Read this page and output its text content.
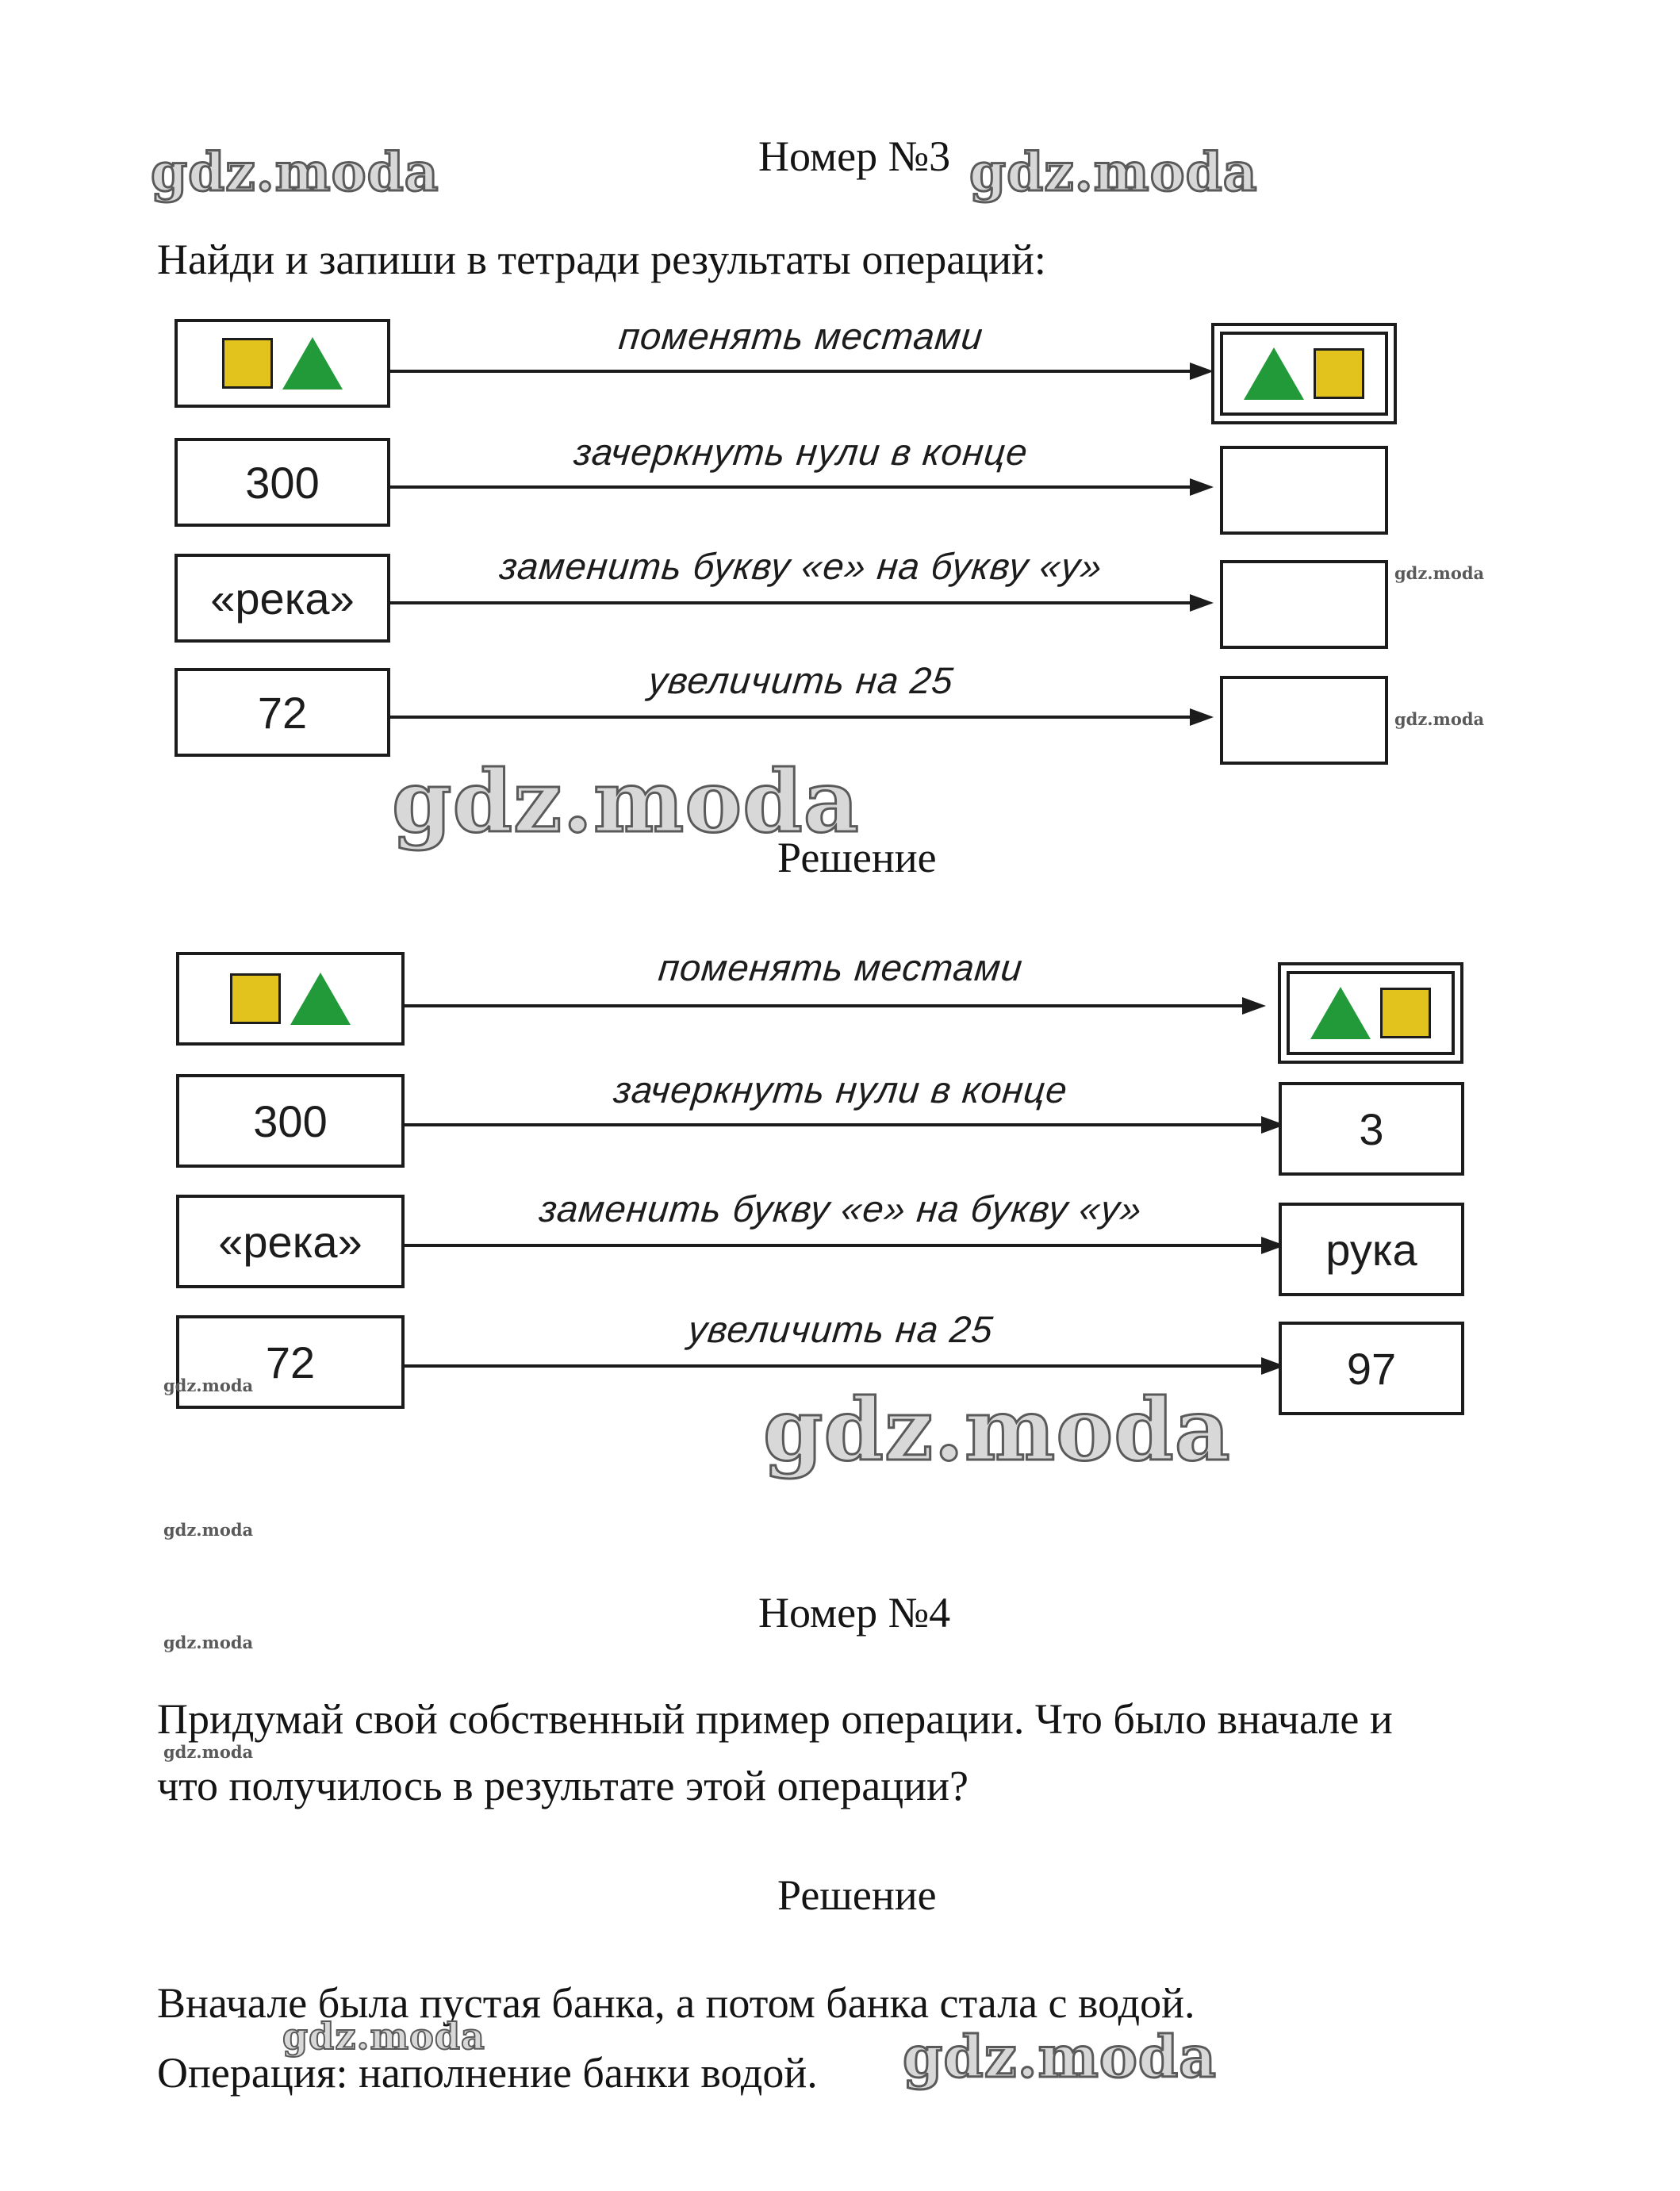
gdz.moda	Номер №3 gdz.moda
Найди и запиши в тетради результаты операций:
поменять местами
300
зачеркнуть нули в конце
«река»
заменить букву «е» на букву «у»	gdz.moda
72
увеличить на 25
gdz.moda
gdz.moda
Решение
поменять местами
300
зачеркнуть нули в конце
3
«река»
заменить букву «е» на букву «у»
рука
72
увеличить на 25
97
gdz.moda	gdz.moda
gdz.moda
Номер №4
gdz.moda
Придумай свой собственный пример операции. Что было вначале и
gdz.moda
что получилось в результате этой операции?
Решение
Вначале была пустая банка, а потом банка стала с водой.
gdz.moda
Операция: наполнение банки водой. gdz.moda
